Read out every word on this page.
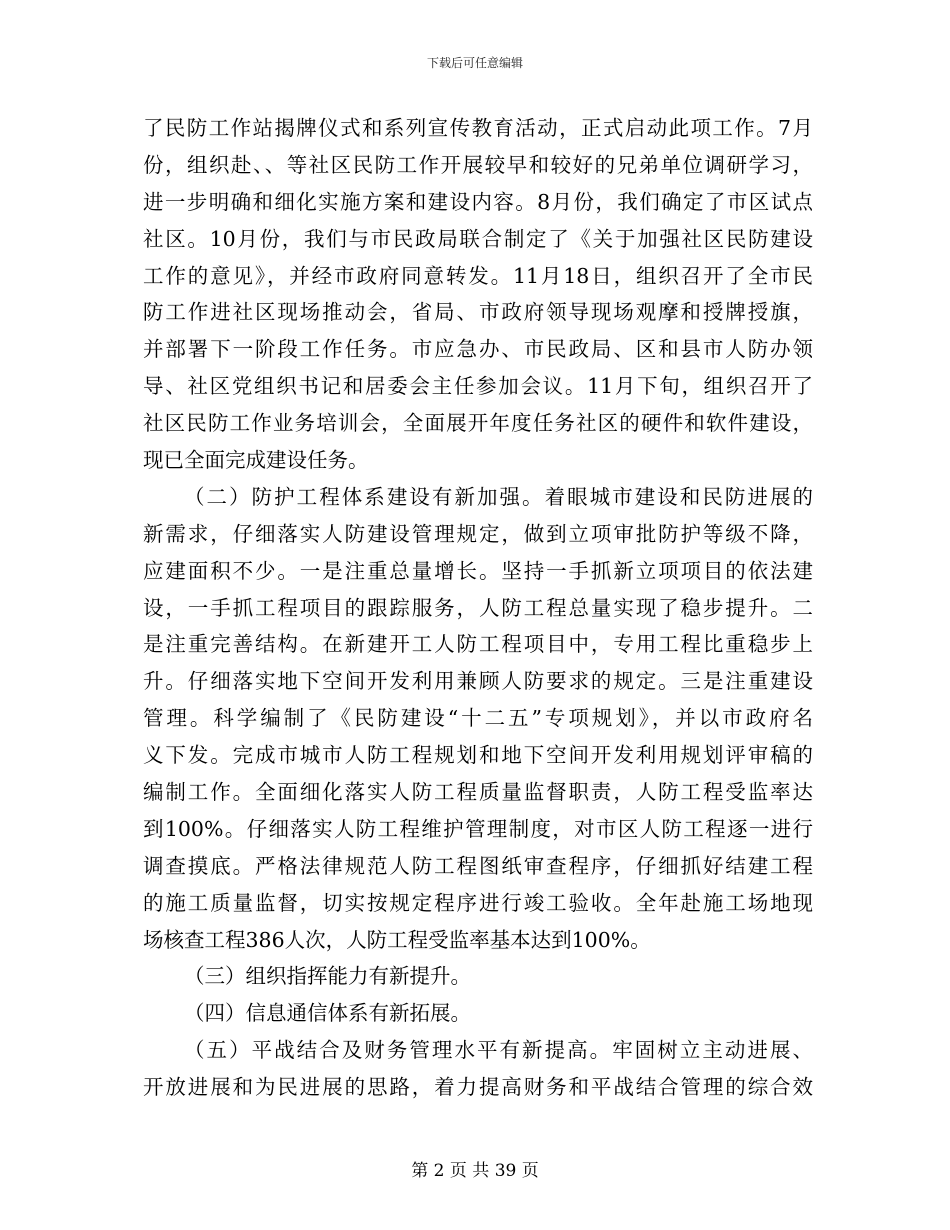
下载后可任意编辑
了民防工作站揭牌仪式和系列宣传教育活动，正式启动此项工作。7月
份，组织赴、、等社区民防工作开展较早和较好的兄弟单位调研学习，
进一步明确和细化实施方案和建设内容。8月份，我们确定了市区试点
社区。10月份，我们与市民政局联合制定了《关于加强社区民防建设
工作的意见》，并经市政府同意转发。11月18日，组织召开了全市民
防工作进社区现场推动会，省局、市政府领导现场观摩和授牌授旗，
并部署下一阶段工作任务。市应急办、市民政局、区和县市人防办领
导、社区党组织书记和居委会主任参加会议。11月下旬，组织召开了
社区民防工作业务培训会，全面展开年度任务社区的硬件和软件建设，
现已全面完成建设任务。
（二）防护工程体系建设有新加强。着眼城市建设和民防进展的
新需求，仔细落实人防建设管理规定，做到立项审批防护等级不降，
应建面积不少。一是注重总量增长。坚持一手抓新立项项目的依法建
设，一手抓工程项目的跟踪服务，人防工程总量实现了稳步提升。二
是注重完善结构。在新建开工人防工程项目中，专用工程比重稳步上
升。仔细落实地下空间开发利用兼顾人防要求的规定。三是注重建设
管理。科学编制了《民防建设“十二五”专项规划》，并以市政府名
义下发。完成市城市人防工程规划和地下空间开发利用规划评审稿的
编制工作。全面细化落实人防工程质量监督职责，人防工程受监率达
到100%。仔细落实人防工程维护管理制度，对市区人防工程逐一进行
调查摸底。严格法律规范人防工程图纸审查程序，仔细抓好结建工程
的施工质量监督，切实按规定程序进行竣工验收。全年赴施工场地现
场核查工程386人次，人防工程受监率基本达到100%。
（三）组织指挥能力有新提升。
（四）信息通信体系有新拓展。
（五）平战结合及财务管理水平有新提高。牢固树立主动进展、
开放进展和为民进展的思路，着力提高财务和平战结合管理的综合效
第 2 页 共 39 页
